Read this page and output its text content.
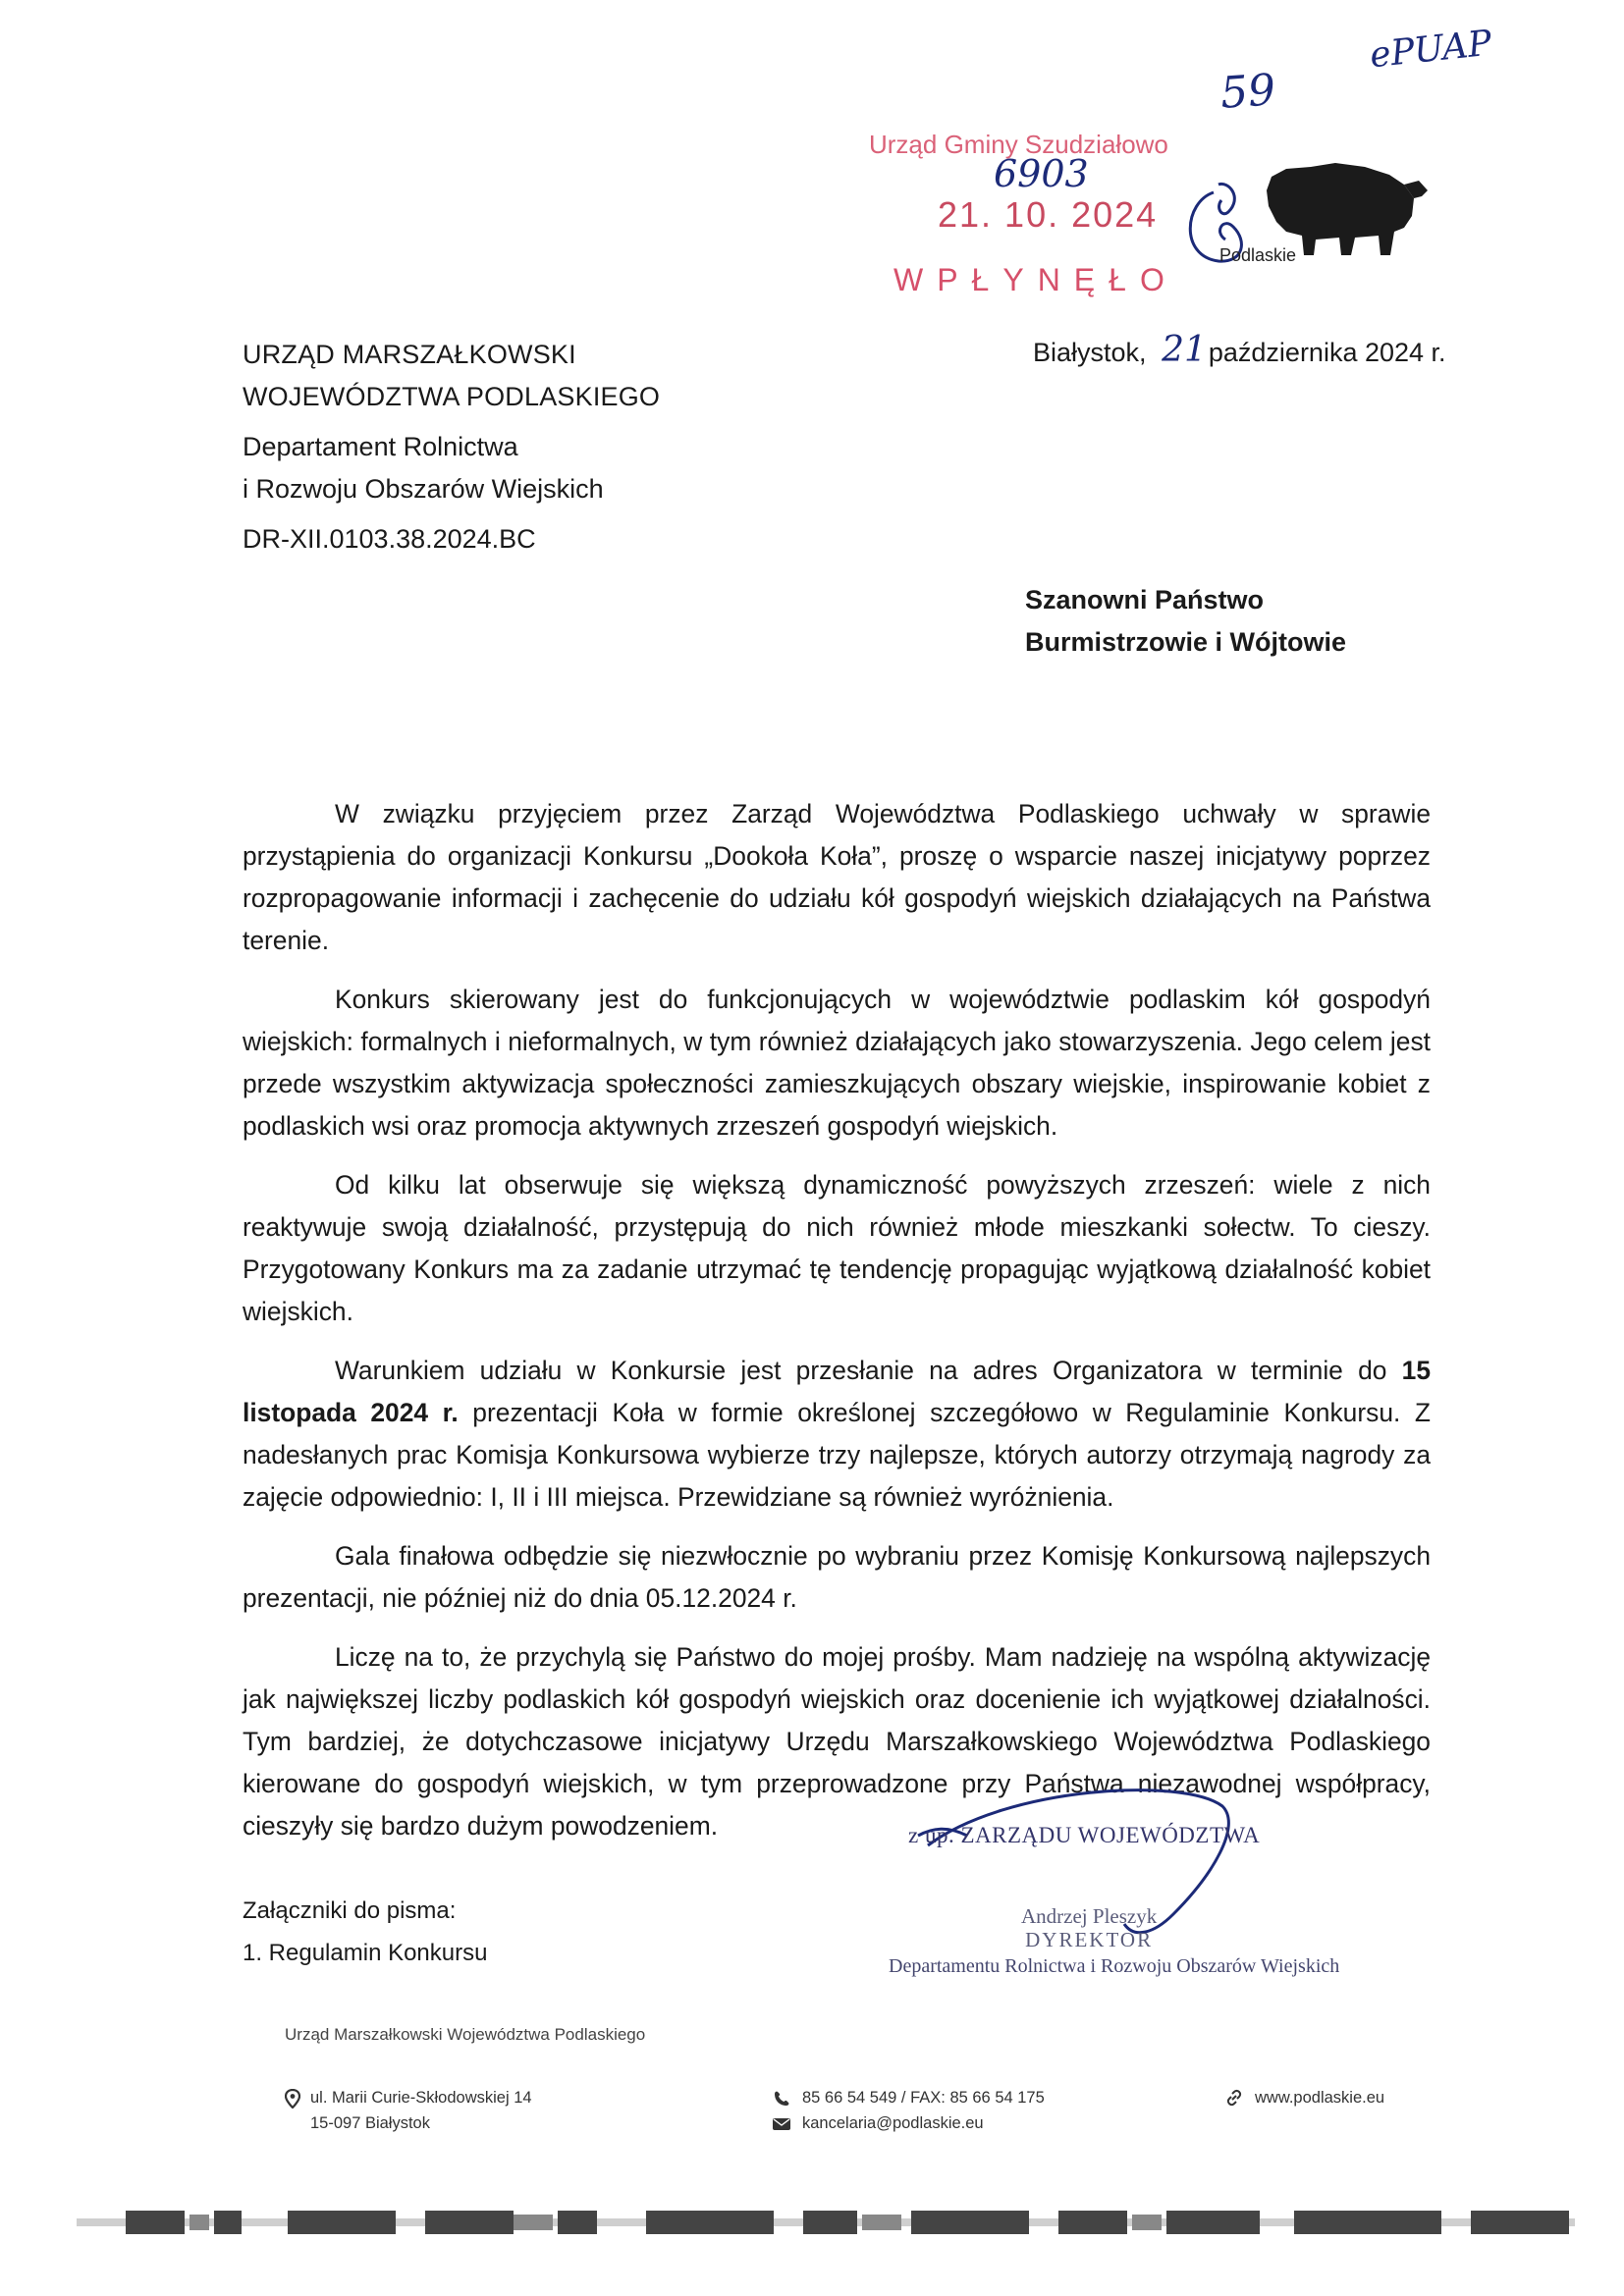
ePUAP
59
Urząd Gminy Szudziałowo
6903
21. 10. 2024
WPŁYNĘŁO
Podlaskie
URZĄD MARSZAŁKOWSKI
WOJEWÓDZTWA PODLASKIEGO
Departament Rolnictwa
i Rozwoju Obszarów Wiejskich
DR-XII.0103.38.2024.BC
Białystok, 21października 2024 r.
Szanowni Państwo
Burmistrzowie i Wójtowie

W związku przyjęciem przez Zarząd Województwa Podlaskiego uchwały w sprawie przystąpienia do organizacji Konkursu „Dookoła Koła”, proszę o wsparcie naszej inicjatywy poprzez rozpropagowanie informacji i zachęcenie do udziału kół gospodyń wiejskich działających na Państwa terenie.

Konkurs skierowany jest do funkcjonujących w województwie podlaskim kół gospodyń wiejskich: formalnych i nieformalnych, w tym również działających jako stowarzyszenia. Jego celem jest przede wszystkim aktywizacja społeczności zamieszkujących obszary wiejskie, inspirowanie kobiet z podlaskich wsi oraz promocja aktywnych zrzeszeń gospodyń wiejskich.

Od kilku lat obserwuje się większą dynamiczność powyższych zrzeszeń: wiele z nich reaktywuje swoją działalność, przystępują do nich również młode mieszkanki sołectw. To cieszy. Przygotowany Konkurs ma za zadanie utrzymać tę tendencję propagując wyjątkową działalność kobiet wiejskich.

Warunkiem udziału w Konkursie jest przesłanie na adres Organizatora w terminie do 15 listopada 2024 r. prezentacji Koła w formie określonej szczegółowo w Regulaminie Konkursu. Z nadesłanych prac Komisja Konkursowa wybierze trzy najlepsze, których autorzy otrzymają nagrody za zajęcie odpowiednio: I, II i III miejsca. Przewidziane są również wyróżnienia.

Gala finałowa odbędzie się niezwłocznie po wybraniu przez Komisję Konkursową najlepszych prezentacji, nie później niż do dnia 05.12.2024 r.

Liczę na to, że przychylą się Państwo do mojej prośby. Mam nadzieję na wspólną aktywizację jak największej liczby podlaskich kół gospodyń wiejskich oraz docenienie ich wyjątkowej działalności. Tym bardziej, że dotychczasowe inicjatywy Urzędu Marszałkowskiego Województwa Podlaskiego kierowane do gospodyń wiejskich, w tym przeprowadzone przy Państwa niezawodnej współpracy, cieszyły się bardzo dużym powodzeniem.	z up. ZARZĄDU WOJEWÓDZTWA
Andrzej Pleszyk
DYREKTOR
Departamentu Rolnictwa i Rozwoju Obszarów Wiejskich
Załączniki do pisma:
1. Regulamin Konkursu
Urząd Marszałkowski Województwa Podlaskiego
ul. Marii Curie-Skłodowskiej 14
15-097 Białystok
85 66 54 549 / FAX: 85 66 54 175
kancelaria@podlaskie.eu
www.podlaskie.eu
